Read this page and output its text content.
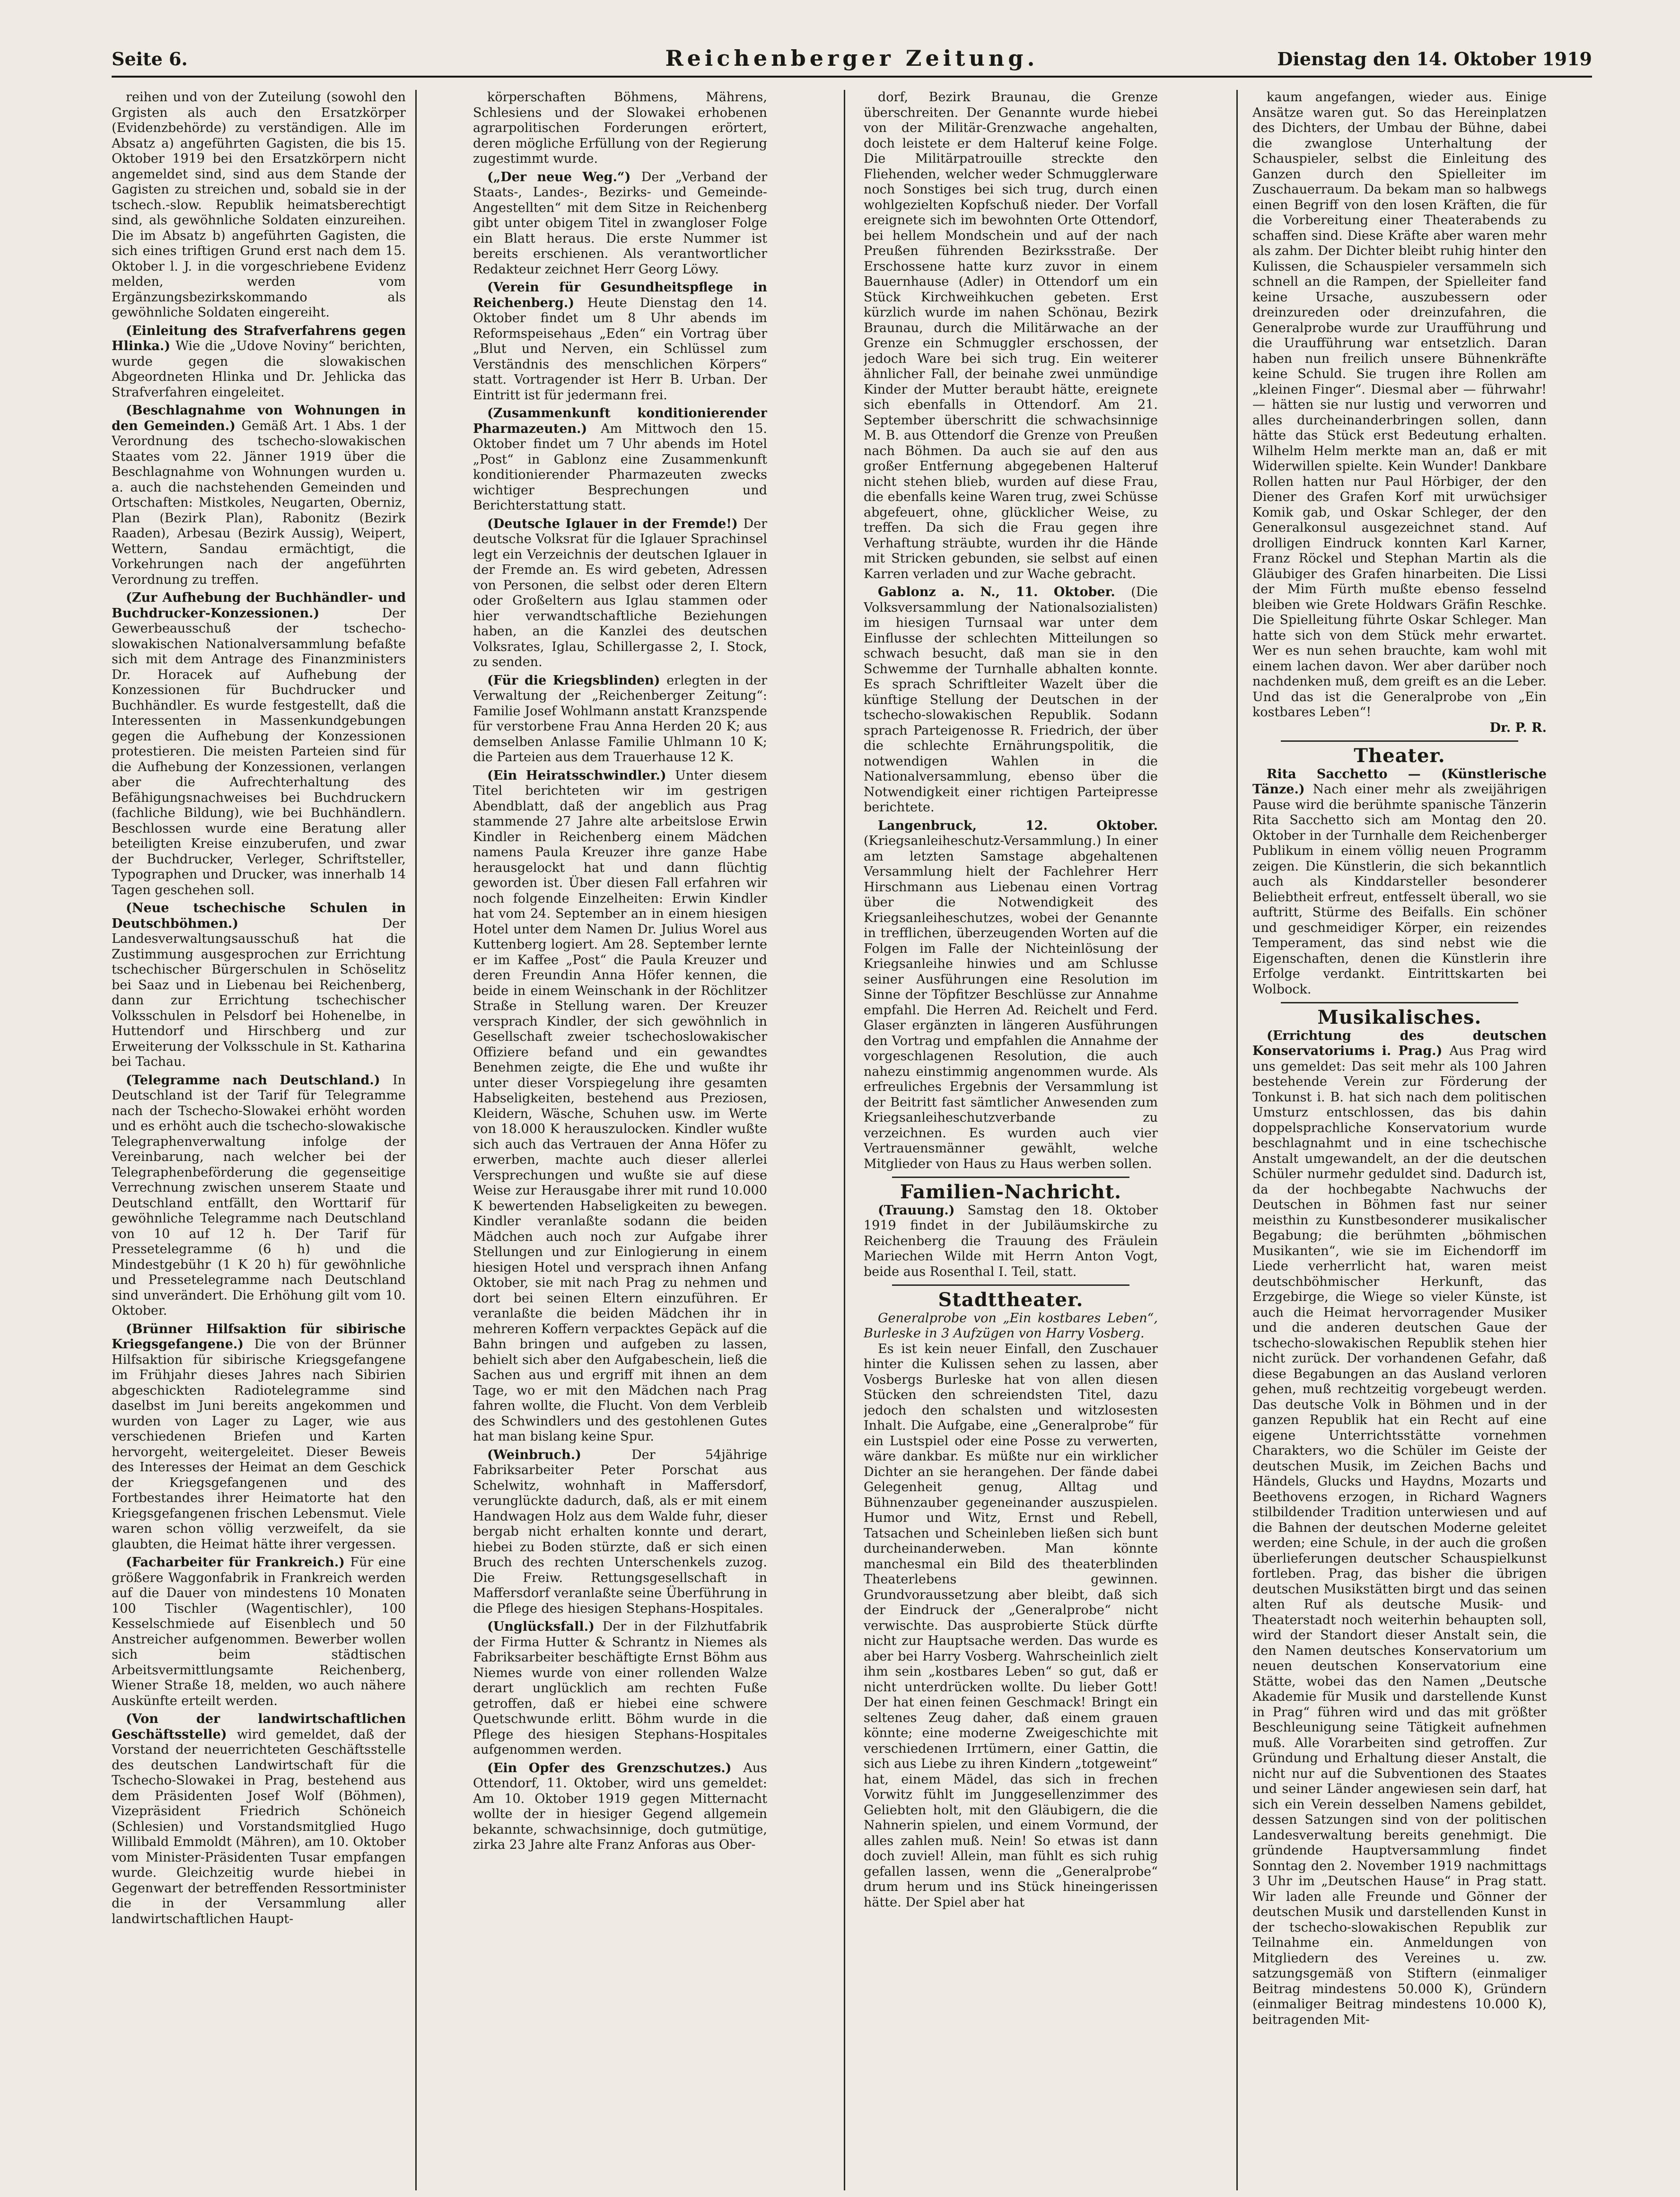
Seite 6.	Reichenberger Zeitung.	Dienstag den 14. Oktober 1919

reihen und von der Zuteilung (sowohl den Grgisten als auch den Ersatzkörper (Evidenzbehörde) zu verständigen. Alle im Absatz a) angeführten Gagisten, die bis 15. Oktober 1919 bei den Ersatzkörpern nicht angemeldet sind, sind aus dem Stande der Gagisten zu streichen und, sobald sie in der tschech.-slow. Republik heimatsberechtigt sind, als gewöhnliche Soldaten einzureihen. Die im Absatz b) angeführten Gagisten, die sich eines triftigen Grund erst nach dem 15. Oktober l. J. in die vorgeschriebene Evidenz melden, werden vom Ergänzungsbezirkskommando als gewöhnliche Soldaten eingereiht.

(Einleitung des Strafverfahrens gegen Hlinka.) Wie die „Udove Noviny“ berichten, wurde gegen die slowakischen Abgeordneten Hlinka und Dr. Jehlicka das Strafverfahren eingeleitet.

(Beschlagnahme von Wohnungen in den Gemeinden.) Gemäß Art. 1 Abs. 1 der Verordnung des tschecho-slowakischen Staates vom 22. Jänner 1919 über die Beschlagnahme von Wohnungen wurden u. a. auch die nachstehenden Gemeinden und Ortschaften: Mistkoles, Neugarten, Oberniz, Plan (Bezirk Plan), Rabonitz (Bezirk Raaden), Arbesau (Bezirk Aussig), Weipert, Wettern, Sandau ermächtigt, die Vorkehrungen nach der angeführten Verordnung zu treffen.

(Zur Aufhebung der Buchhändler- und Buchdrucker-Konzessionen.) Der Gewerbeausschuß der tschecho-slowakischen Nationalversammlung befaßte sich mit dem Antrage des Finanzministers Dr. Horacek auf Aufhebung der Konzessionen für Buchdrucker und Buchhändler. Es wurde festgestellt, daß die Interessenten in Massenkundgebungen gegen die Aufhebung der Konzessionen protestieren. Die meisten Parteien sind für die Aufhebung der Konzessionen, verlangen aber die Aufrechterhaltung des Befähigungsnachweises bei Buchdruckern (fachliche Bildung), wie bei Buchhändlern. Beschlossen wurde eine Beratung aller beteiligten Kreise einzuberufen, und zwar der Buchdrucker, Verleger, Schriftsteller, Typographen und Drucker, was innerhalb 14 Tagen geschehen soll.

(Neue tschechische Schulen in Deutschböhmen.) Der Landesverwaltungsausschuß hat die Zustimmung ausgesprochen zur Errichtung tschechischer Bürgerschulen in Schöselitz bei Saaz und in Liebenau bei Reichenberg, dann zur Errichtung tschechischer Volksschulen in Pelsdorf bei Hohenelbe, in Huttendorf und Hirschberg und zur Erweiterung der Volksschule in St. Katharina bei Tachau.

(Telegramme nach Deutschland.) In Deutschland ist der Tarif für Telegramme nach der Tschecho-Slowakei erhöht worden und es erhöht auch die tschecho-slowakische Telegraphenverwaltung infolge der Vereinbarung, nach welcher bei der Telegraphenbeförderung die gegenseitige Verrechnung zwischen unserem Staate und Deutschland entfällt, den Worttarif für gewöhnliche Telegramme nach Deutschland von 10 auf 12 h. Der Tarif für Pressetelegramme (6 h) und die Mindestgebühr (1 K 20 h) für gewöhnliche und Pressetelegramme nach Deutschland sind unverändert. Die Erhöhung gilt vom 10. Oktober.

(Brünner Hilfsaktion für sibirische Kriegsgefangene.) Die von der Brünner Hilfsaktion für sibirische Kriegsgefangene im Frühjahr dieses Jahres nach Sibirien abgeschickten Radiotelegramme sind daselbst im Juni bereits angekommen und wurden von Lager zu Lager, wie aus verschiedenen Briefen und Karten hervorgeht, weitergeleitet. Dieser Beweis des Interesses der Heimat an dem Geschick der Kriegsgefangenen und des Fortbestandes ihrer Heimatorte hat den Kriegsgefangenen frischen Lebensmut. Viele waren schon völlig verzweifelt, da sie glaubten, die Heimat hätte ihrer vergessen.

(Facharbeiter für Frankreich.) Für eine größere Waggonfabrik in Frankreich werden auf die Dauer von mindestens 10 Monaten 100 Tischler (Wagentischler), 100 Kesselschmiede auf Eisenblech und 50 Anstreicher aufgenommen. Bewerber wollen sich beim städtischen Arbeitsvermittlungsamte Reichenberg, Wiener Straße 18, melden, wo auch nähere Auskünfte erteilt werden.

(Von der landwirtschaftlichen Geschäftsstelle) wird gemeldet, daß der Vorstand der neuerrichteten Geschäftsstelle des deutschen Landwirtschaft für die Tschecho-Slowakei in Prag, bestehend aus dem Präsidenten Josef Wolf (Böhmen), Vizepräsident Friedrich Schöneich (Schlesien) und Vorstandsmitglied Hugo Willibald Emmoldt (Mähren), am 10. Oktober vom Minister-Präsidenten Tusar empfangen wurde. Gleichzeitig wurde hiebei in Gegenwart der betreffenden Ressortminister die in der Versammlung aller landwirtschaftlichen Haupt-

körperschaften Böhmens, Mährens, Schlesiens und der Slowakei erhobenen agrarpolitischen Forderungen erörtert, deren mögliche Erfüllung von der Regierung zugestimmt wurde.

(„Der neue Weg.“) Der „Verband der Staats-, Landes-, Bezirks- und Gemeinde-Angestellten“ mit dem Sitze in Reichenberg gibt unter obigem Titel in zwangloser Folge ein Blatt heraus. Die erste Nummer ist bereits erschienen. Als verantwortlicher Redakteur zeichnet Herr Georg Löwy.

(Verein für Gesundheitspflege in Reichenberg.) Heute Dienstag den 14. Oktober findet um 8 Uhr abends im Reformspeisehaus „Eden“ ein Vortrag über „Blut und Nerven, ein Schlüssel zum Verständnis des menschlichen Körpers“ statt. Vortragender ist Herr B. Urban. Der Eintritt ist für jedermann frei.

(Zusammenkunft konditionierender Pharmazeuten.) Am Mittwoch den 15. Oktober findet um 7 Uhr abends im Hotel „Post“ in Gablonz eine Zusammenkunft konditionierender Pharmazeuten zwecks wichtiger Besprechungen und Berichterstattung statt.

(Deutsche Iglauer in der Fremde!) Der deutsche Volksrat für die Iglauer Sprachinsel legt ein Verzeichnis der deutschen Iglauer in der Fremde an. Es wird gebeten, Adressen von Personen, die selbst oder deren Eltern oder Großeltern aus Iglau stammen oder hier verwandtschaftliche Beziehungen haben, an die Kanzlei des deutschen Volksrates, Iglau, Schillergasse 2, I. Stock, zu senden.

(Für die Kriegsblinden) erlegten in der Verwaltung der „Reichenberger Zeitung“: Familie Josef Wohlmann anstatt Kranzspende für verstorbene Frau Anna Herden 20 K; aus demselben Anlasse Familie Uhlmann 10 K; die Parteien aus dem Trauerhause 12 K.

(Ein Heiratsschwindler.) Unter diesem Titel berichteten wir im gestrigen Abendblatt, daß der angeblich aus Prag stammende 27 Jahre alte arbeitslose Erwin Kindler in Reichenberg einem Mädchen namens Paula Kreuzer ihre ganze Habe herausgelockt hat und dann flüchtig geworden ist. Über diesen Fall erfahren wir noch folgende Einzelheiten: Erwin Kindler hat vom 24. September an in einem hiesigen Hotel unter dem Namen Dr. Julius Worel aus Kuttenberg logiert. Am 28. September lernte er im Kaffee „Post“ die Paula Kreuzer und deren Freundin Anna Höfer kennen, die beide in einem Weinschank in der Röchlitzer Straße in Stellung waren. Der Kreuzer versprach Kindler, der sich gewöhnlich in Gesellschaft zweier tschechoslowakischer Offiziere befand und ein gewandtes Benehmen zeigte, die Ehe und wußte ihr unter dieser Vorspiegelung ihre gesamten Habseligkeiten, bestehend aus Preziosen, Kleidern, Wäsche, Schuhen usw. im Werte von 18.000 K herauszulocken. Kindler wußte sich auch das Vertrauen der Anna Höfer zu erwerben, machte auch dieser allerlei Versprechungen und wußte sie auf diese Weise zur Herausgabe ihrer mit rund 10.000 K bewertenden Habseligkeiten zu bewegen. Kindler veranlaßte sodann die beiden Mädchen auch noch zur Aufgabe ihrer Stellungen und zur Einlogierung in einem hiesigen Hotel und versprach ihnen Anfang Oktober, sie mit nach Prag zu nehmen und dort bei seinen Eltern einzuführen. Er veranlaßte die beiden Mädchen ihr in mehreren Koffern verpacktes Gepäck auf die Bahn bringen und aufgeben zu lassen, behielt sich aber den Aufgabeschein, ließ die Sachen aus und ergriff mit ihnen an dem Tage, wo er mit den Mädchen nach Prag fahren wollte, die Flucht. Von dem Verbleib des Schwindlers und des gestohlenen Gutes hat man bislang keine Spur.

(Weinbruch.) Der 54jährige Fabriksarbeiter Peter Porschat aus Schelwitz, wohnhaft in Maffersdorf, verunglückte dadurch, daß, als er mit einem Handwagen Holz aus dem Walde fuhr, dieser bergab nicht erhalten konnte und derart, hiebei zu Boden stürzte, daß er sich einen Bruch des rechten Unterschenkels zuzog. Die Freiw. Rettungsgesellschaft in Maffersdorf veranlaßte seine Überführung in die Pflege des hiesigen Stephans-Hospitales.

(Unglücksfall.) Der in der Filzhutfabrik der Firma Hutter & Schrantz in Niemes als Fabriksarbeiter beschäftigte Ernst Böhm aus Niemes wurde von einer rollenden Walze derart unglücklich am rechten Fuße getroffen, daß er hiebei eine schwere Quetschwunde erlitt. Böhm wurde in die Pflege des hiesigen Stephans-Hospitales aufgenommen werden.

(Ein Opfer des Grenzschutzes.) Aus Ottendorf, 11. Oktober, wird uns gemeldet: Am 10. Oktober 1919 gegen Mitternacht wollte der in hiesiger Gegend allgemein bekannte, schwachsinnige, doch gutmütige, zirka 23 Jahre alte Franz Anforas aus Ober-

dorf, Bezirk Braunau, die Grenze überschreiten. Der Genannte wurde hiebei von der Militär-Grenzwache angehalten, doch leistete er dem Halteruf keine Folge. Die Militärpatrouille streckte den Fliehenden, welcher weder Schmugglerware noch Sonstiges bei sich trug, durch einen wohlgezielten Kopfschuß nieder. Der Vorfall ereignete sich im bewohnten Orte Ottendorf, bei hellem Mondschein und auf der nach Preußen führenden Bezirksstraße. Der Erschossene hatte kurz zuvor in einem Bauernhause (Adler) in Ottendorf um ein Stück Kirchweihkuchen gebeten. Erst kürzlich wurde im nahen Schönau, Bezirk Braunau, durch die Militärwache an der Grenze ein Schmuggler erschossen, der jedoch Ware bei sich trug. Ein weiterer ähnlicher Fall, der beinahe zwei unmündige Kinder der Mutter beraubt hätte, ereignete sich ebenfalls in Ottendorf. Am 21. September überschritt die schwachsinnige M. B. aus Ottendorf die Grenze von Preußen nach Böhmen. Da auch sie auf den aus großer Entfernung abgegebenen Halteruf nicht stehen blieb, wurden auf diese Frau, die ebenfalls keine Waren trug, zwei Schüsse abgefeuert, ohne, glücklicher Weise, zu treffen. Da sich die Frau gegen ihre Verhaftung sträubte, wurden ihr die Hände mit Stricken gebunden, sie selbst auf einen Karren verladen und zur Wache gebracht.

Gablonz a. N., 11. Oktober. (Die Volksversammlung der Nationalsozialisten) im hiesigen Turnsaal war unter dem Einflusse der schlechten Mitteilungen so schwach besucht, daß man sie in den Schwemme der Turnhalle abhalten konnte. Es sprach Schriftleiter Wazelt über die künftige Stellung der Deutschen in der tschecho-slowakischen Republik. Sodann sprach Parteigenosse R. Friedrich, der über die schlechte Ernährungspolitik, die notwendigen Wahlen in die Nationalversammlung, ebenso über die Notwendigkeit einer richtigen Parteipresse berichtete.

Langenbruck, 12. Oktober. (Kriegsanleiheschutz-Versammlung.) In einer am letzten Samstage abgehaltenen Versammlung hielt der Fachlehrer Herr Hirschmann aus Liebenau einen Vortrag über die Notwendigkeit des Kriegsanleiheschutzes, wobei der Genannte in trefflichen, überzeugenden Worten auf die Folgen im Falle der Nichteinlösung der Kriegsanleihe hinwies und am Schlusse seiner Ausführungen eine Resolution im Sinne der Töpfitzer Beschlüsse zur Annahme empfahl. Die Herren Ad. Reichelt und Ferd. Glaser ergänzten in längeren Ausführungen den Vortrag und empfahlen die Annahme der vorgeschlagenen Resolution, die auch nahezu einstimmig angenommen wurde. Als erfreuliches Ergebnis der Versammlung ist der Beitritt fast sämtlicher Anwesenden zum Kriegsanleiheschutzverbande zu verzeichnen. Es wurden auch vier Vertrauensmänner gewählt, welche Mitglieder von Haus zu Haus werben sollen.

Familien-Nachricht.

(Trauung.) Samstag den 18. Oktober 1919 findet in der Jubiläumskirche zu Reichenberg die Trauung des Fräulein Mariechen Wilde mit Herrn Anton Vogt, beide aus Rosenthal I. Teil, statt.

Stadttheater.

Generalprobe von „Ein kostbares Leben“, Burleske in 3 Aufzügen von Harry Vosberg.

Es ist kein neuer Einfall, den Zuschauer hinter die Kulissen sehen zu lassen, aber Vosbergs Burleske hat von allen diesen Stücken den schreiendsten Titel, dazu jedoch den schalsten und witzlosesten Inhalt. Die Aufgabe, eine „Generalprobe“ für ein Lustspiel oder eine Posse zu verwerten, wäre dankbar. Es müßte nur ein wirklicher Dichter an sie herangehen. Der fände dabei Gelegenheit genug, Alltag und Bühnenzauber gegeneinander auszuspielen. Humor und Witz, Ernst und Rebell, Tatsachen und Scheinleben ließen sich bunt durcheinanderweben. Man könnte manchesmal ein Bild des theaterblinden Theaterlebens gewinnen. Grundvoraussetzung aber bleibt, daß sich der Eindruck der „Generalprobe“ nicht verwischte. Das ausprobierte Stück dürfte nicht zur Hauptsache werden. Das wurde es aber bei Harry Vosberg. Wahrscheinlich zielt ihm sein „kostbares Leben“ so gut, daß er nicht unterdrücken wollte. Du lieber Gott! Der hat einen feinen Geschmack! Bringt ein seltenes Zeug daher, daß einem grauen könnte; eine moderne Zweigeschichte mit verschiedenen Irrtümern, einer Gattin, die sich aus Liebe zu ihren Kindern „totgeweint“ hat, einem Mädel, das sich in frechen Vorwitz fühlt im Junggesellenzimmer des Geliebten holt, mit den Gläubigern, die die Nahnerin spielen, und einem Vormund, der alles zahlen muß. Nein! So etwas ist dann doch zuviel! Allein, man fühlt es sich ruhig gefallen lassen, wenn die „Generalprobe“ drum herum und ins Stück hineingerissen hätte. Der Spiel aber hat

kaum angefangen, wieder aus. Einige Ansätze waren gut. So das Hereinplatzen des Dichters, der Umbau der Bühne, dabei die zwanglose Unterhaltung der Schauspieler, selbst die Einleitung des Ganzen durch den Spielleiter im Zuschauerraum. Da bekam man so halbwegs einen Begriff von den losen Kräften, die für die Vorbereitung einer Theaterabends zu schaffen sind. Diese Kräfte aber waren mehr als zahm. Der Dichter bleibt ruhig hinter den Kulissen, die Schauspieler versammeln sich schnell an die Rampen, der Spielleiter fand keine Ursache, auszubessern oder dreinzureden oder dreinzufahren, die Generalprobe wurde zur Uraufführung und die Uraufführung war entsetzlich. Daran haben nun freilich unsere Bühnenkräfte keine Schuld. Sie trugen ihre Rollen am „kleinen Finger“. Diesmal aber — führwahr! — hätten sie nur lustig und verworren und alles durcheinanderbringen sollen, dann hätte das Stück erst Bedeutung erhalten. Wilhelm Helm merkte man an, daß er mit Widerwillen spielte. Kein Wunder! Dankbare Rollen hatten nur Paul Hörbiger, der den Diener des Grafen Korf mit urwüchsiger Komik gab, und Oskar Schleger, der den Generalkonsul ausgezeichnet stand. Auf drolligen Eindruck konnten Karl Karner, Franz Röckel und Stephan Martin als die Gläubiger des Grafen hinarbeiten. Die Lissi der Mim Fürth mußte ebenso fesselnd bleiben wie Grete Holdwars Gräfin Reschke. Die Spielleitung führte Oskar Schleger. Man hatte sich von dem Stück mehr erwartet. Wer es nun sehen brauchte, kam wohl mit einem lachen davon. Wer aber darüber noch nachdenken muß, dem greift es an die Leber. Und das ist die Generalprobe von „Ein kostbares Leben“!

Dr. P. R.
Theater.

Rita Sacchetto — (Künstlerische Tänze.) Nach einer mehr als zweijährigen Pause wird die berühmte spanische Tänzerin Rita Sacchetto sich am Montag den 20. Oktober in der Turnhalle dem Reichenberger Publikum in einem völlig neuen Programm zeigen. Die Künstlerin, die sich bekanntlich auch als Kinddarsteller besonderer Beliebtheit erfreut, entfesselt überall, wo sie auftritt, Stürme des Beifalls. Ein schöner und geschmeidiger Körper, ein reizendes Temperament, das sind nebst wie die Eigenschaften, denen die Künstlerin ihre Erfolge verdankt. Eintrittskarten bei Wolbock.

Musikalisches.

(Errichtung des deutschen Konservatoriums i. Prag.) Aus Prag wird uns gemeldet: Das seit mehr als 100 Jahren bestehende Verein zur Förderung der Tonkunst i. B. hat sich nach dem politischen Umsturz entschlossen, das bis dahin doppelsprachliche Konservatorium wurde beschlagnahmt und in eine tschechische Anstalt umgewandelt, an der die deutschen Schüler nurmehr geduldet sind. Dadurch ist, da der hochbegabte Nachwuchs der Deutschen in Böhmen fast nur seiner meisthin zu Kunstbesonderer musikalischer Begabung; die berühmten „böhmischen Musikanten“, wie sie im Eichendorff im Liede verherrlicht hat, waren meist deutschböhmischer Herkunft, das Erzgebirge, die Wiege so vieler Künste, ist auch die Heimat hervorragender Musiker und die anderen deutschen Gaue der tschecho-slowakischen Republik stehen hier nicht zurück. Der vorhandenen Gefahr, daß diese Begabungen an das Ausland verloren gehen, muß rechtzeitig vorgebeugt werden. Das deutsche Volk in Böhmen und in der ganzen Republik hat ein Recht auf eine eigene Unterrichtsstätte vornehmen Charakters, wo die Schüler im Geiste der deutschen Musik, im Zeichen Bachs und Händels, Glucks und Haydns, Mozarts und Beethovens erzogen, in Richard Wagners stilbildender Tradition unterwiesen und auf die Bahnen der deutschen Moderne geleitet werden; eine Schule, in der auch die großen überlieferungen deutscher Schauspielkunst fortleben. Prag, das bisher die übrigen deutschen Musikstätten birgt und das seinen alten Ruf als deutsche Musik- und Theaterstadt noch weiterhin behaupten soll, wird der Standort dieser Anstalt sein, die den Namen deutsches Konservatorium um neuen deutschen Konservatorium eine Stätte, wobei das den Namen „Deutsche Akademie für Musik und darstellende Kunst in Prag“ führen wird und das mit größter Beschleunigung seine Tätigkeit aufnehmen muß. Alle Vorarbeiten sind getroffen. Zur Gründung und Erhaltung dieser Anstalt, die nicht nur auf die Subventionen des Staates und seiner Länder angewiesen sein darf, hat sich ein Verein desselben Namens gebildet, dessen Satzungen sind von der politischen Landesverwaltung bereits genehmigt. Die gründende Hauptversammlung findet Sonntag den 2. November 1919 nachmittags 3 Uhr im „Deutschen Hause“ in Prag statt. Wir laden alle Freunde und Gönner der deutschen Musik und darstellenden Kunst in der tschecho-slowakischen Republik zur Teilnahme ein. Anmeldungen von Mitgliedern des Vereines u. zw. satzungsgemäß von Stiftern (einmaliger Beitrag mindestens 50.000 K), Gründern (einmaliger Beitrag mindestens 10.000 K), beitragenden Mit-
